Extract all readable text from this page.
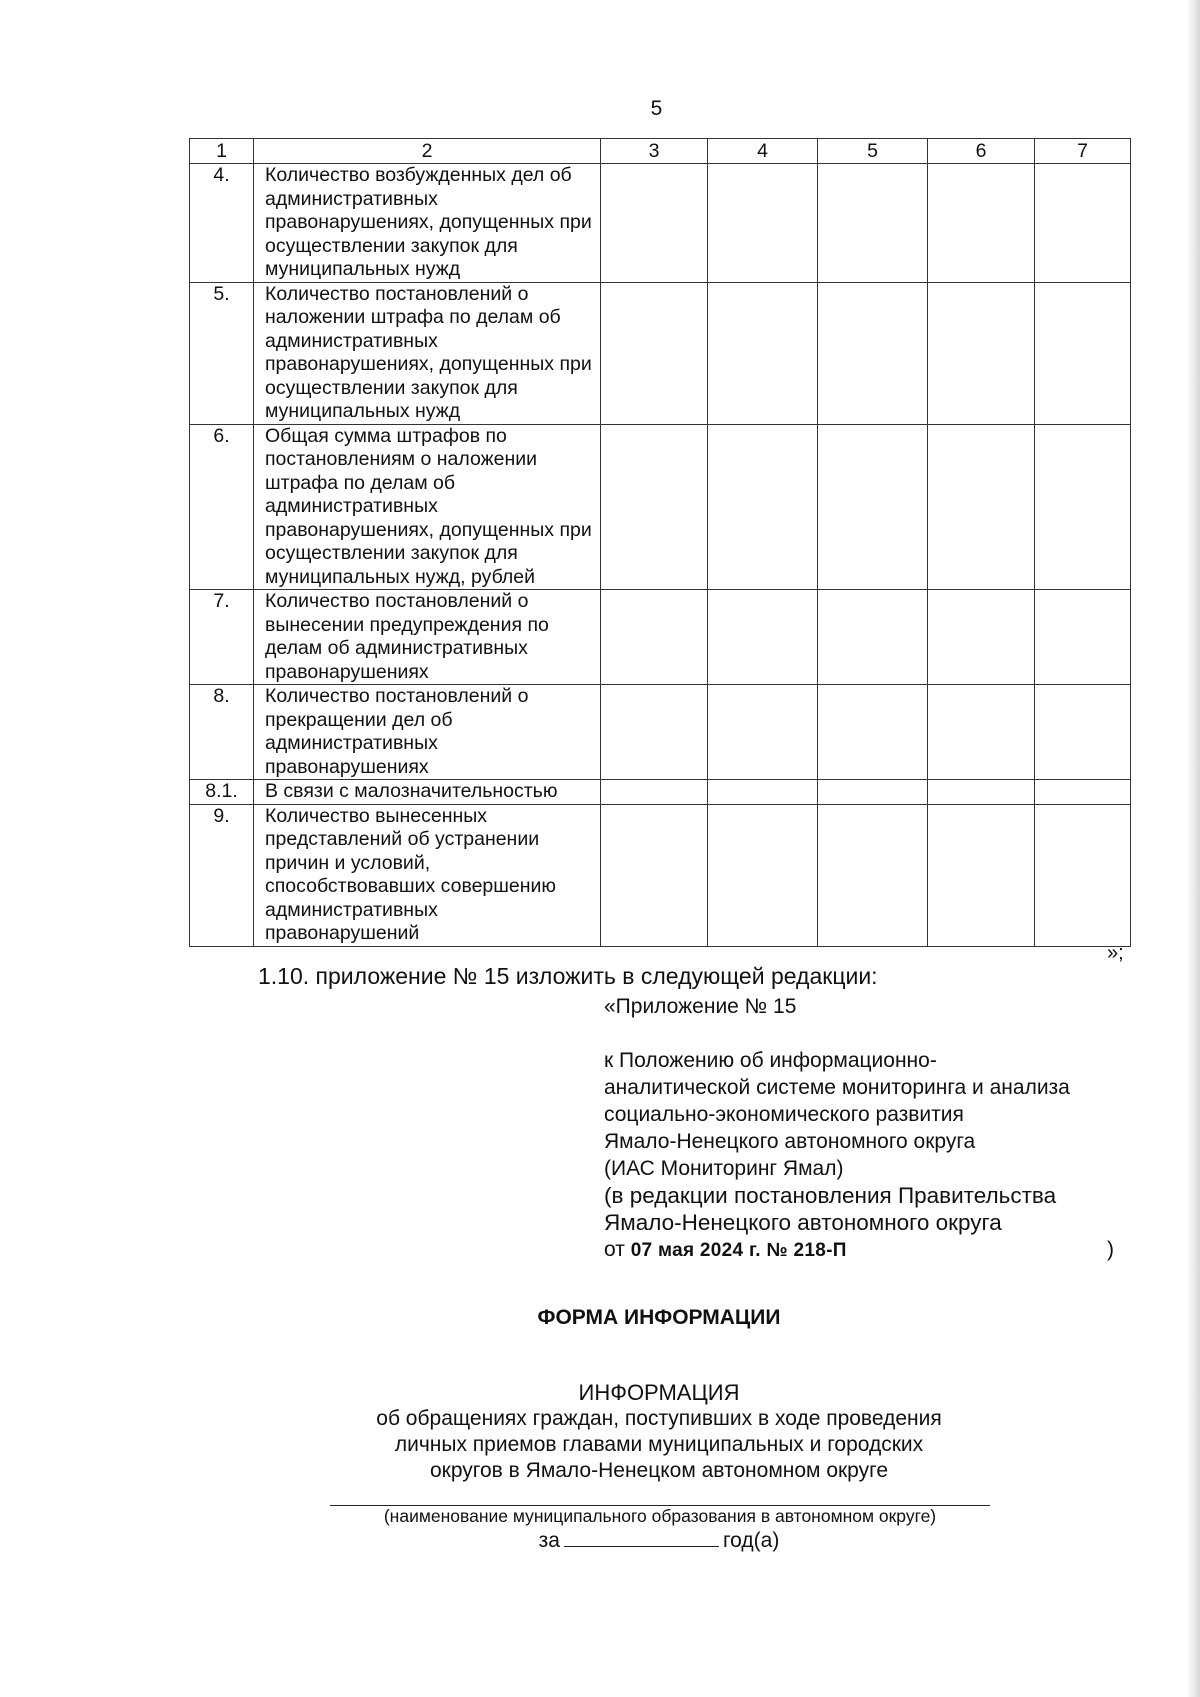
5
1	2	3	4	5	6	7
4.	Количество возбужденных дел об административных правонарушениях, допущенных при осуществлении закупок для муниципальных нужд					
5.	Количество постановлений о наложении штрафа по делам об административных правонарушениях, допущенных при осуществлении закупок для муниципальных нужд					
6.	Общая сумма штрафов по постановлениям о наложении штрафа по делам об административных правонарушениях, допущенных при осуществлении закупок для муниципальных нужд, рублей					
7.	Количество постановлений о вынесении предупреждения по делам об административных правонарушениях					
8.	Количество постановлений о прекращении дел об административных правонарушениях					
8.1.	В связи с малозначительностью					
9.	Количество вынесенных представлений об устранении причин и условий, способствовавших совершению административных правонарушений					
»;
1.10. приложение № 15 изложить в следующей редакции:
«Приложение № 15
к Положению об информационно-
аналитической системе мониторинга и анализа
социально-экономического развития
Ямало-Ненецкого автономного округа
(ИАС Мониторинг Ямал)
(в редакции постановления Правительства
Ямало-Ненецкого автономного округа
от 07 мая 2024 г. № 218-П	)
ФОРМА ИНФОРМАЦИИ
ИНФОРМАЦИЯ
об обращениях граждан, поступивших в ходе проведения
личных приемов главами муниципальных и городских
округов в Ямало-Ненецком автономном округе
(наименование муниципального образования в автономном округе)
за	год(а)
